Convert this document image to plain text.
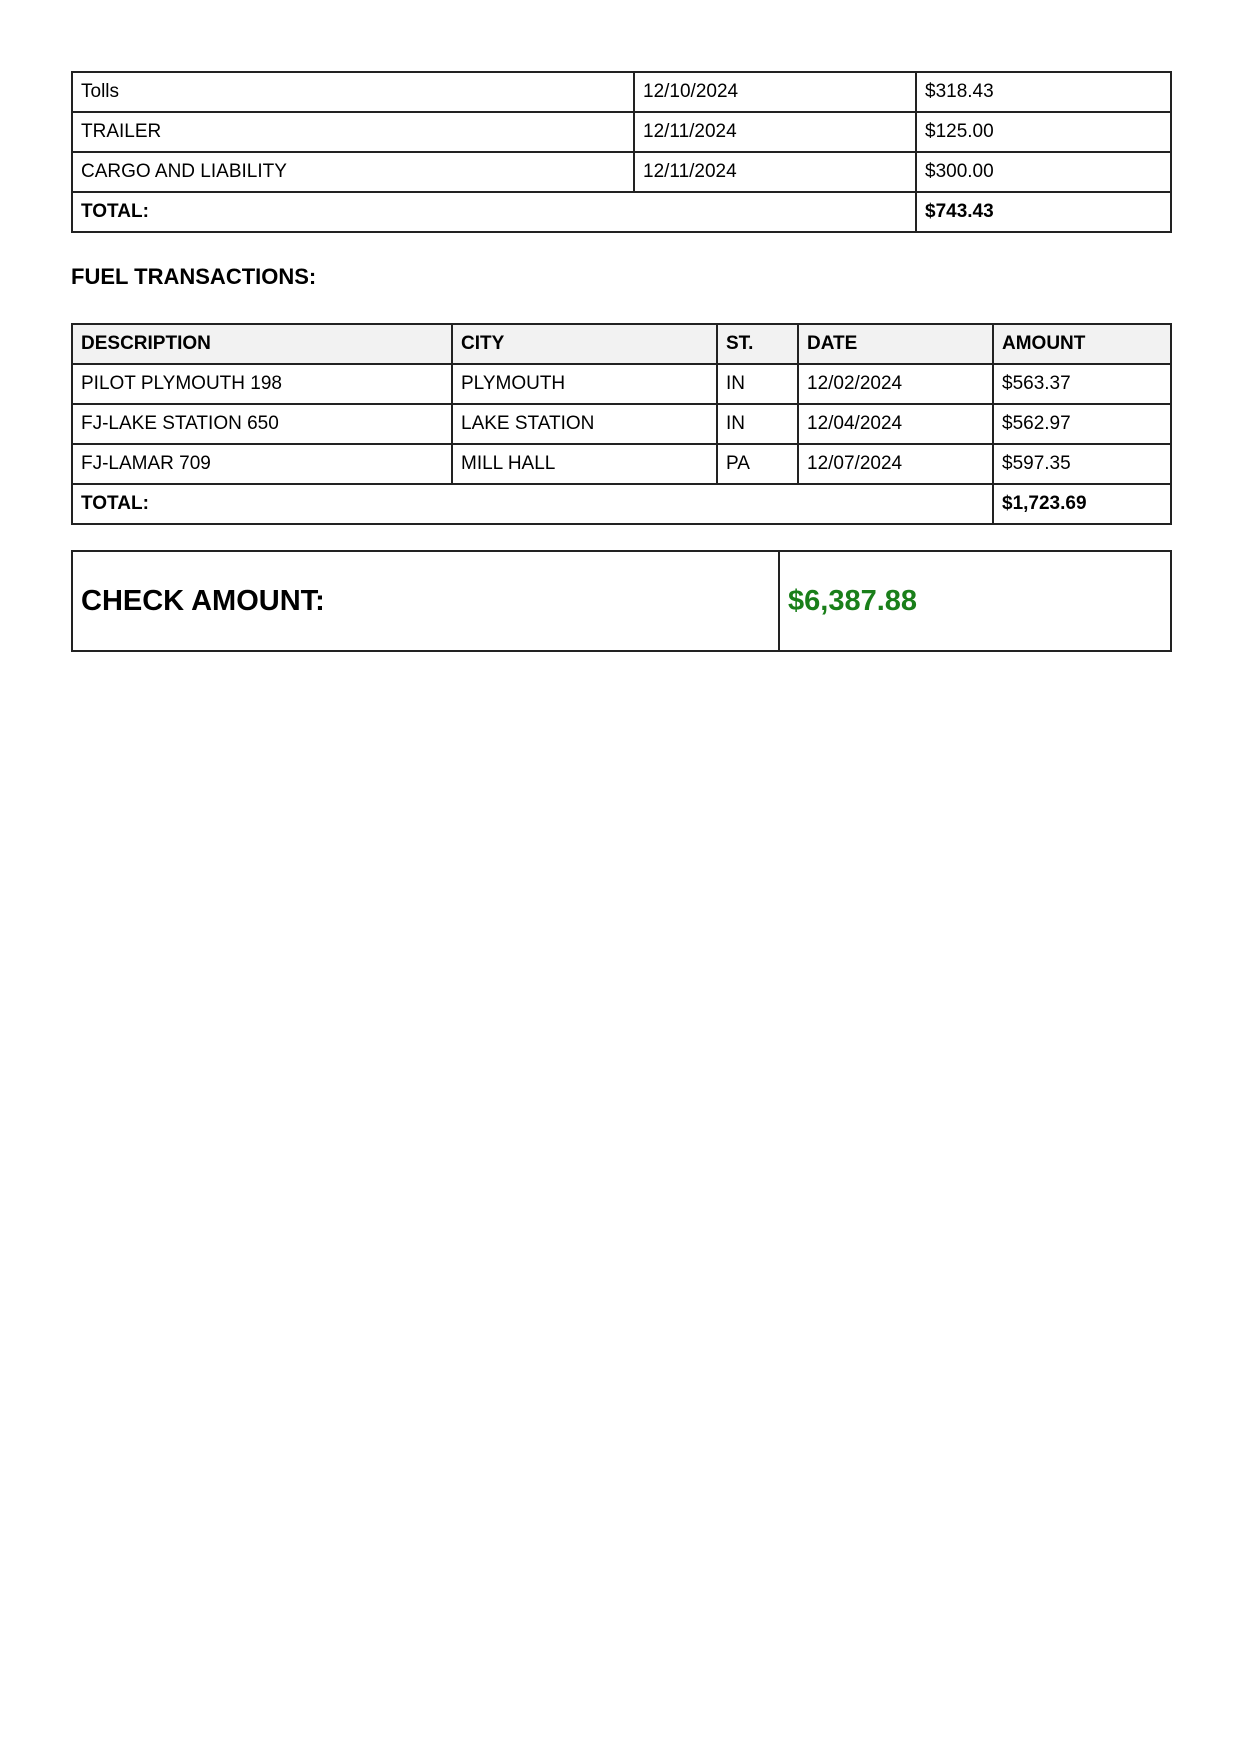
Tolls	12/10/2024	$318.43
TRAILER	12/11/2024	$125.00
CARGO AND LIABILITY	12/11/2024	$300.00
TOTAL:		$743.43
FUEL TRANSACTIONS:
DESCRIPTION	CITY	ST.	DATE	AMOUNT
PILOT PLYMOUTH 198	PLYMOUTH	IN	12/02/2024	$563.37
FJ-LAKE STATION 650	LAKE STATION	IN	12/04/2024	$562.97
FJ-LAMAR 709	MILL HALL	PA	12/07/2024	$597.35
TOTAL:				$1,723.69
CHECK AMOUNT:	$6,387.88
